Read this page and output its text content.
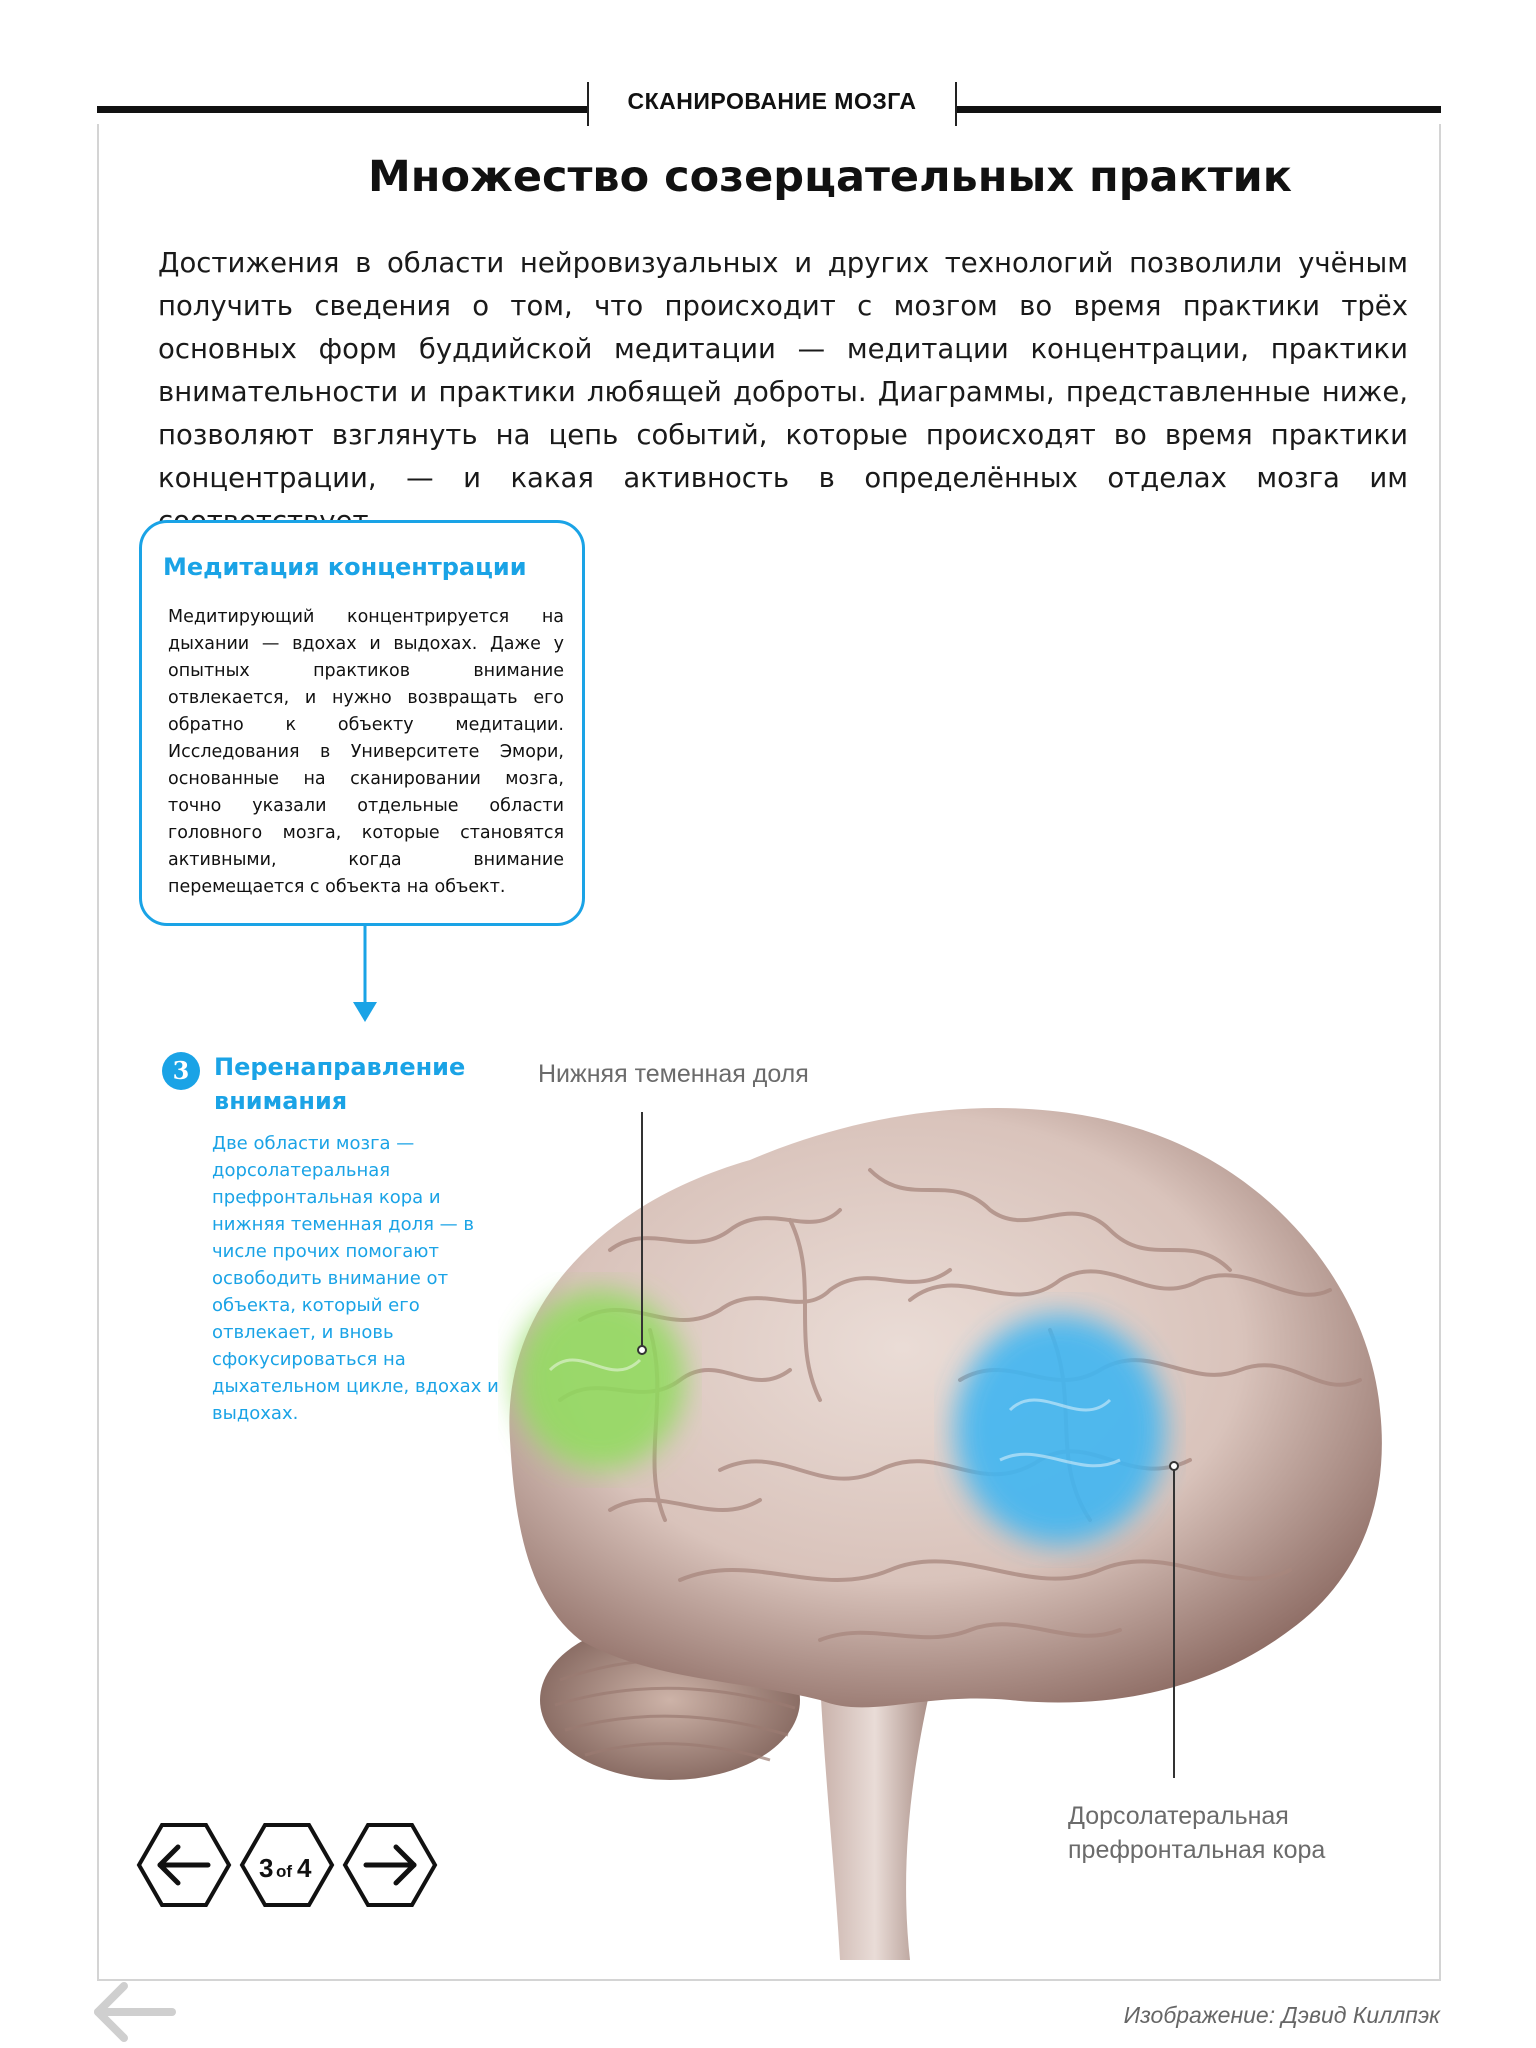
СКАНИРОВАНИЕ МОЗГА
Множество созерцательных практик
Достижения в области нейровизуальных и других технологий позволили учёным получить сведения о том, что происходит с мозгом во время практики трёх основных форм буддийской медитации — медитации концентрации, практики внимательности и практики любящей доброты. Диаграммы, представленные ниже, позволяют взглянуть на цепь событий, которые происходят во время практики концентрации, — и какая активность в определённых отделах мозга им
Медитация концентрации
Медитирующий концентрируется на дыхании — вдохах и выдохах. Даже у опытных практиков внимание отвлекается, и нужно возвращать его обратно к объекту медитации. Исследования в Университете Эмори, основанные на сканировании мозга, точно указали отдельные области головного мозга, которые становятся активными, когда внимание перемещается с объекта на объект.
Нижняя теменная доля
Дорсолатеральная
префронтальная кора
3	Перенаправление внимания
Две области мозга — дорсолатеральная префронтальная кора и нижняя теменная доля — в числе прочих помогают освободить внимание от объекта, который его отвлекает, и вновь сфокусироваться на дыхательном цикле, вдохах и выдохах.
3 of 4
Изображение: Дэвид Киллпэк
